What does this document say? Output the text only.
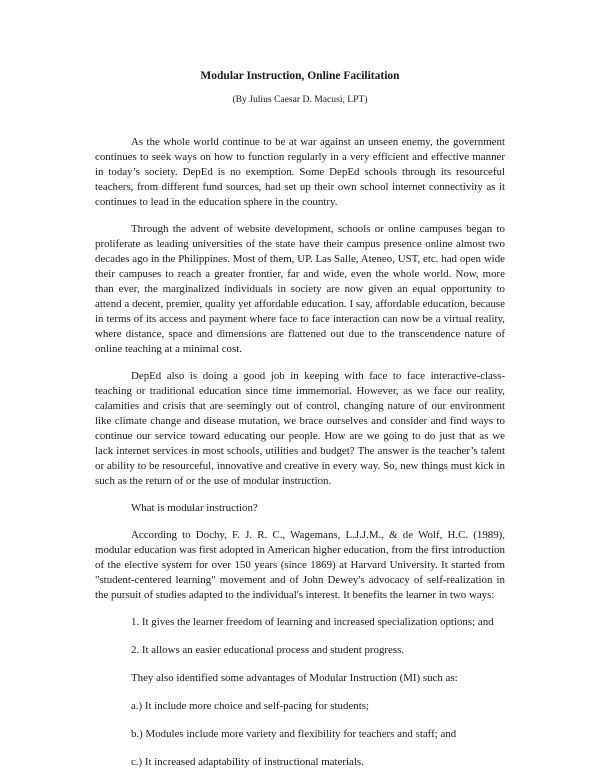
Modular Instruction, Online Facilitation
(By Julius Caesar D. Macusi, LPT)

As the whole world continue to be at war against an unseen enemy, the government continues to seek ways on how to function regularly in a very efficient and effective manner in today’s society. DepEd is no exemption. Some DepEd schools through its resourceful teachers, from different fund sources, had set up their own school internet connectivity as it continues to lead in the education sphere in the country.

Through the advent of website development, schools or online campuses began to proliferate as leading universities of the state have their campus presence online almost two decades ago in the Philippines. Most of them, UP. Las Salle, Ateneo, UST, etc. had open wide their campuses to reach a greater frontier, far and wide, even the whole world. Now, more than ever, the marginalized individuals in society are now given an equal opportunity to attend a decent, premier, quality yet affordable education. I say, affordable education, because in terms of its access and payment where face to face interaction can now be a virtual reality, where distance, space and dimensions are flattened out due to the transcendence nature of online teaching at a minimal cost.

DepEd also is doing a good job in keeping with face to face interactive-class-teaching or traditional education since time immemorial. However, as we face our reality, calamities and crisis that are seemingly out of control, changing nature of our environment like climate change and disease mutation, we brace ourselves and consider and find ways to continue our service toward educating our people. How are we going to do just that as we lack internet services in most schools, utilities and budget? The answer is the teacher’s talent or ability to be resourceful, innovative and creative in every way. So, new things must kick in such as the return of or the use of modular instruction.

What is modular instruction?

According to Dochy, F. J. R. C., Wagemans, L.J.J.M., & de Wolf, H.C. (1989), modular education was first adopted in American higher education, from the first introduction of the elective system for over 150 years (since 1869) at Harvard University. It started from "student-centered learning" movement and of John Dewey's advocacy of self-realization in the pursuit of studies adapted to the individual's interest. It benefits the learner in two ways:

1. It gives the learner freedom of learning and increased specialization options; and

2. It allows an easier educational process and student progress.

They also identified some advantages of Modular Instruction (MI) such as:

a.) It include more choice and self-pacing for students;

b.) Modules include more variety and flexibility for teachers and staff; and

c.) It increased adaptability of instructional materials.
